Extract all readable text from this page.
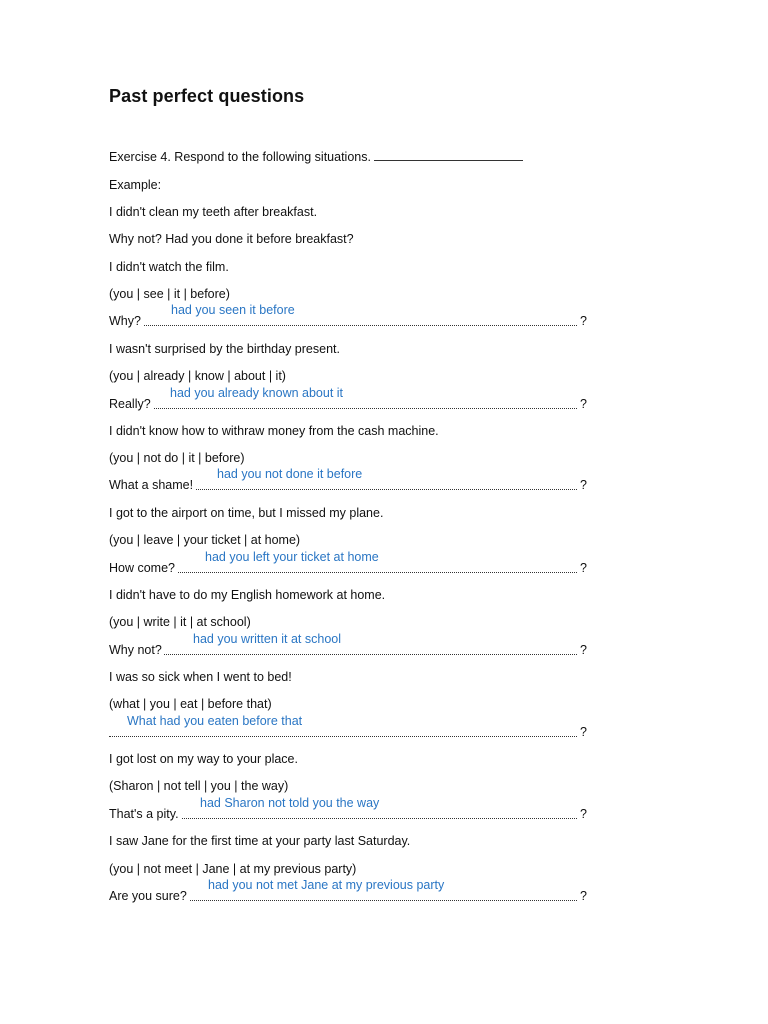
Past perfect questions
Exercise 4. Respond to the following situations.
Example:
I didn't clean my teeth after breakfast.
Why not? Had you done it before breakfast?
I didn't watch the film.
(you | see | it | before)
Why?	?
had you seen it before
I wasn't surprised by the birthday present.
(you | already | know | about | it)
Really?	?
had you already known about it
I didn't know how to withraw money from the cash machine.
(you | not do | it | before)
What a shame!	?
had you not done it before
I got to the airport on time, but I missed my plane.
(you | leave | your ticket | at home)
How come?	?
had you left your ticket at home
I didn't have to do my English homework at home.
(you | write | it | at school)
Why not?	?
had you written it at school
I was so sick when I went to bed!
(what | you | eat | before that)
?
What had you eaten before that
I got lost on my way to your place.
(Sharon | not tell | you | the way)
That's a pity.	?
had Sharon not told you the way
I saw Jane for the first time at your party last Saturday.
(you | not meet | Jane | at my previous party)
Are you sure?	?
had you not met Jane at my previous party
